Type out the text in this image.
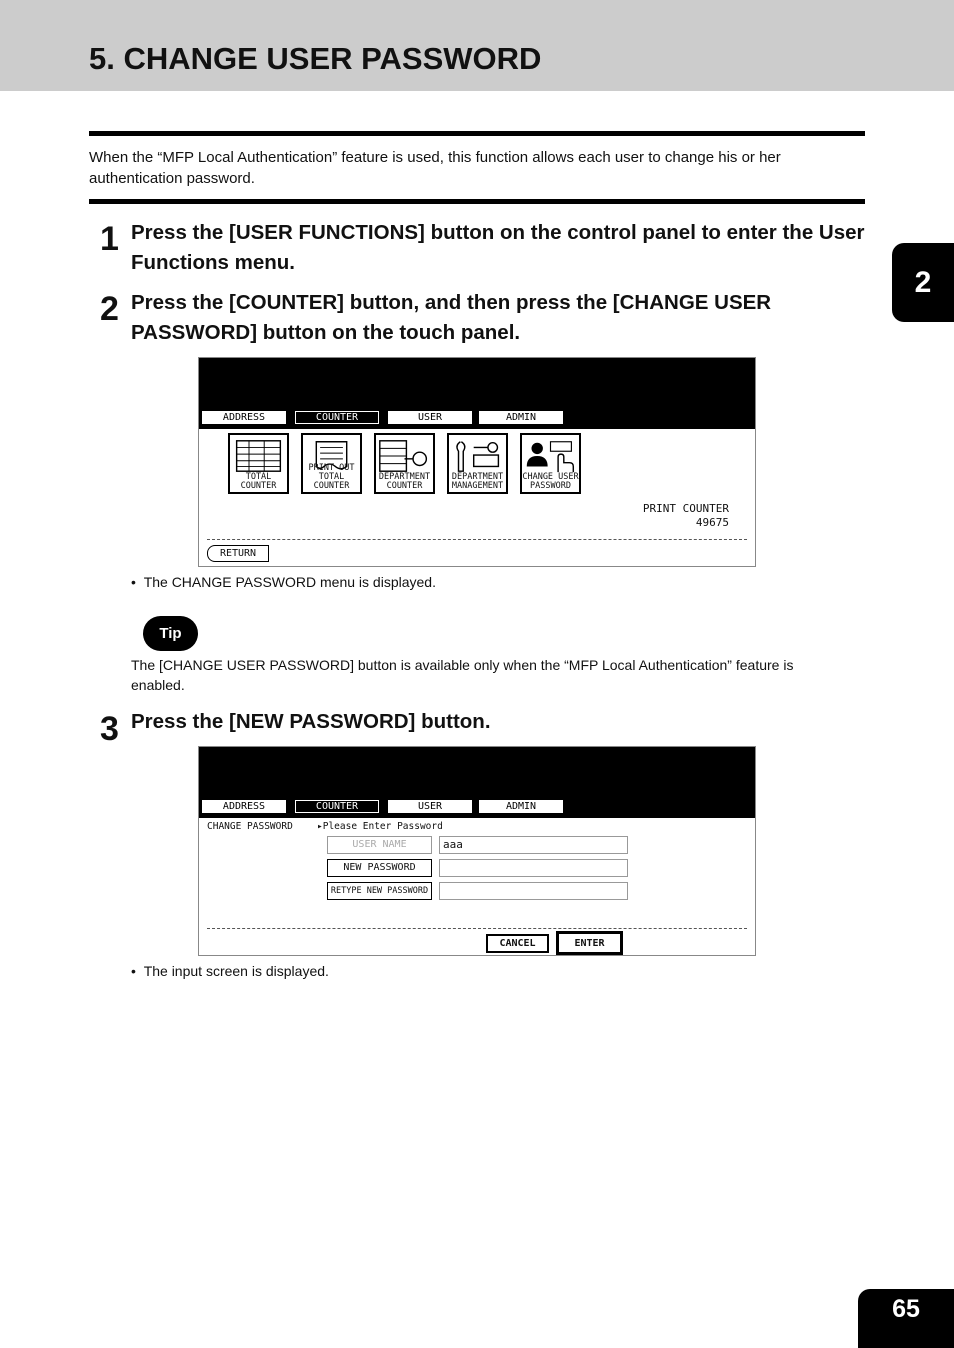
5. CHANGE USER PASSWORD
When the “MFP Local Authentication” feature is used, this function allows each user to change his or her authentication password.
2
1 Press the [USER FUNCTIONS] button on the control panel to enter the User Functions menu.
2 Press the [COUNTER] button, and then press the [CHANGE USER PASSWORD] button on the touch panel.
ADDRESS	COUNTER	USER	ADMIN
TOTAL
COUNTER
PRINT OUT
TOTAL COUNTER
DEPARTMENT
COUNTER
DEPARTMENT
MANAGEMENT
CHANGE USER
PASSWORD
PRINT COUNTER
49675
RETURN
•  The CHANGE PASSWORD menu is displayed.
Tip
The [CHANGE USER PASSWORD] button is available only when the “MFP Local Authentication” feature is enabled.
3 Press the [NEW PASSWORD] button.
ADDRESS	COUNTER	USER	ADMIN
CHANGE PASSWORD	▸Please Enter Password
USER NAME	aaa
NEW PASSWORD
RETYPE NEW PASSWORD
CANCEL	ENTER
•  The input screen is displayed.
65
